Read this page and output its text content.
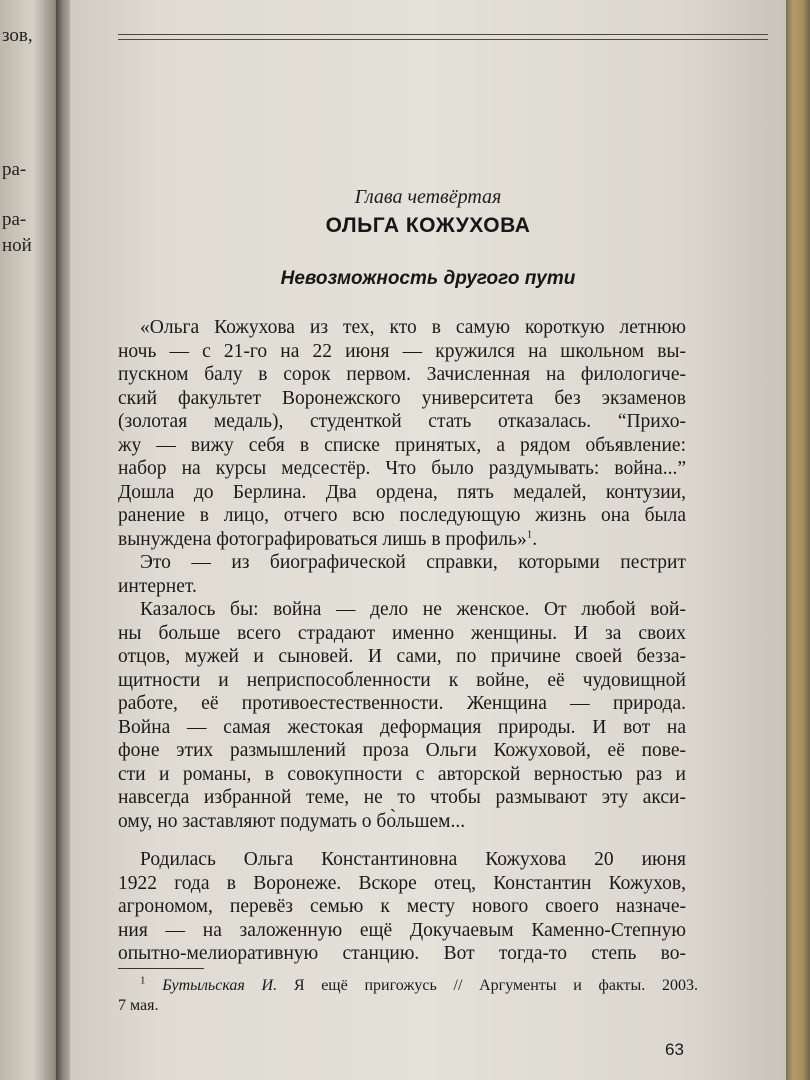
зов,
ра-
ра-
ной
Глава четвёртая
ОЛЬГА КОЖУХОВА
Невозможность другого пути
«Ольга Кожухова из тех, кто в самую короткую летнюю
ночь — с 21-го на 22 июня — кружился на школьном вы-
пускном балу в сорок первом. Зачисленная на филологиче-
ский факультет Воронежского университета без экзаменов
(золотая медаль), студенткой стать отказалась. “Прихо-
жу — вижу себя в списке принятых, а рядом объявление:
набор на курсы медсестёр. Что было раздумывать: война...”
Дошла до Берлина. Два ордена, пять медалей, контузии,
ранение в лицо, отчего всю последующую жизнь она была
вынуждена фотографироваться лишь в профиль»$^1$.
Это — из биографической справки, которыми пестрит
интернет.
Казалось бы: война — дело не женское. От любой вой-
ны больше всего страдают именно женщины. И за своих
отцов, мужей и сыновей. И сами, по причине своей безза-
щитности и неприспособленности к войне, её чудовищной
работе, её противоестественности. Женщина — природа.
Война — самая жестокая деформация природы. И вот на
фоне этих размышлений проза Ольги Кожуховой, её пове-
сти и романы, в совокупности с авторской верностью раз и
навсегда избранной теме, не то чтобы размывают эту акси-
ому, но заставляют подумать о бо̀льшем...
Родилась Ольга Константиновна Кожухова 20 июня
1922 года в Воронеже. Вскоре отец, Константин Кожухов,
агрономом, перевёз семью к месту нового своего назначе-
ния — на заложенную ещё Докучаевым Каменно-Степную
опытно-мелиоративную станцию. Вот тогда-то степь во-
$^1$ Бутыльская И. Я ещё пригожусь // Аргументы и факты. 2003.
7 мая.
63
